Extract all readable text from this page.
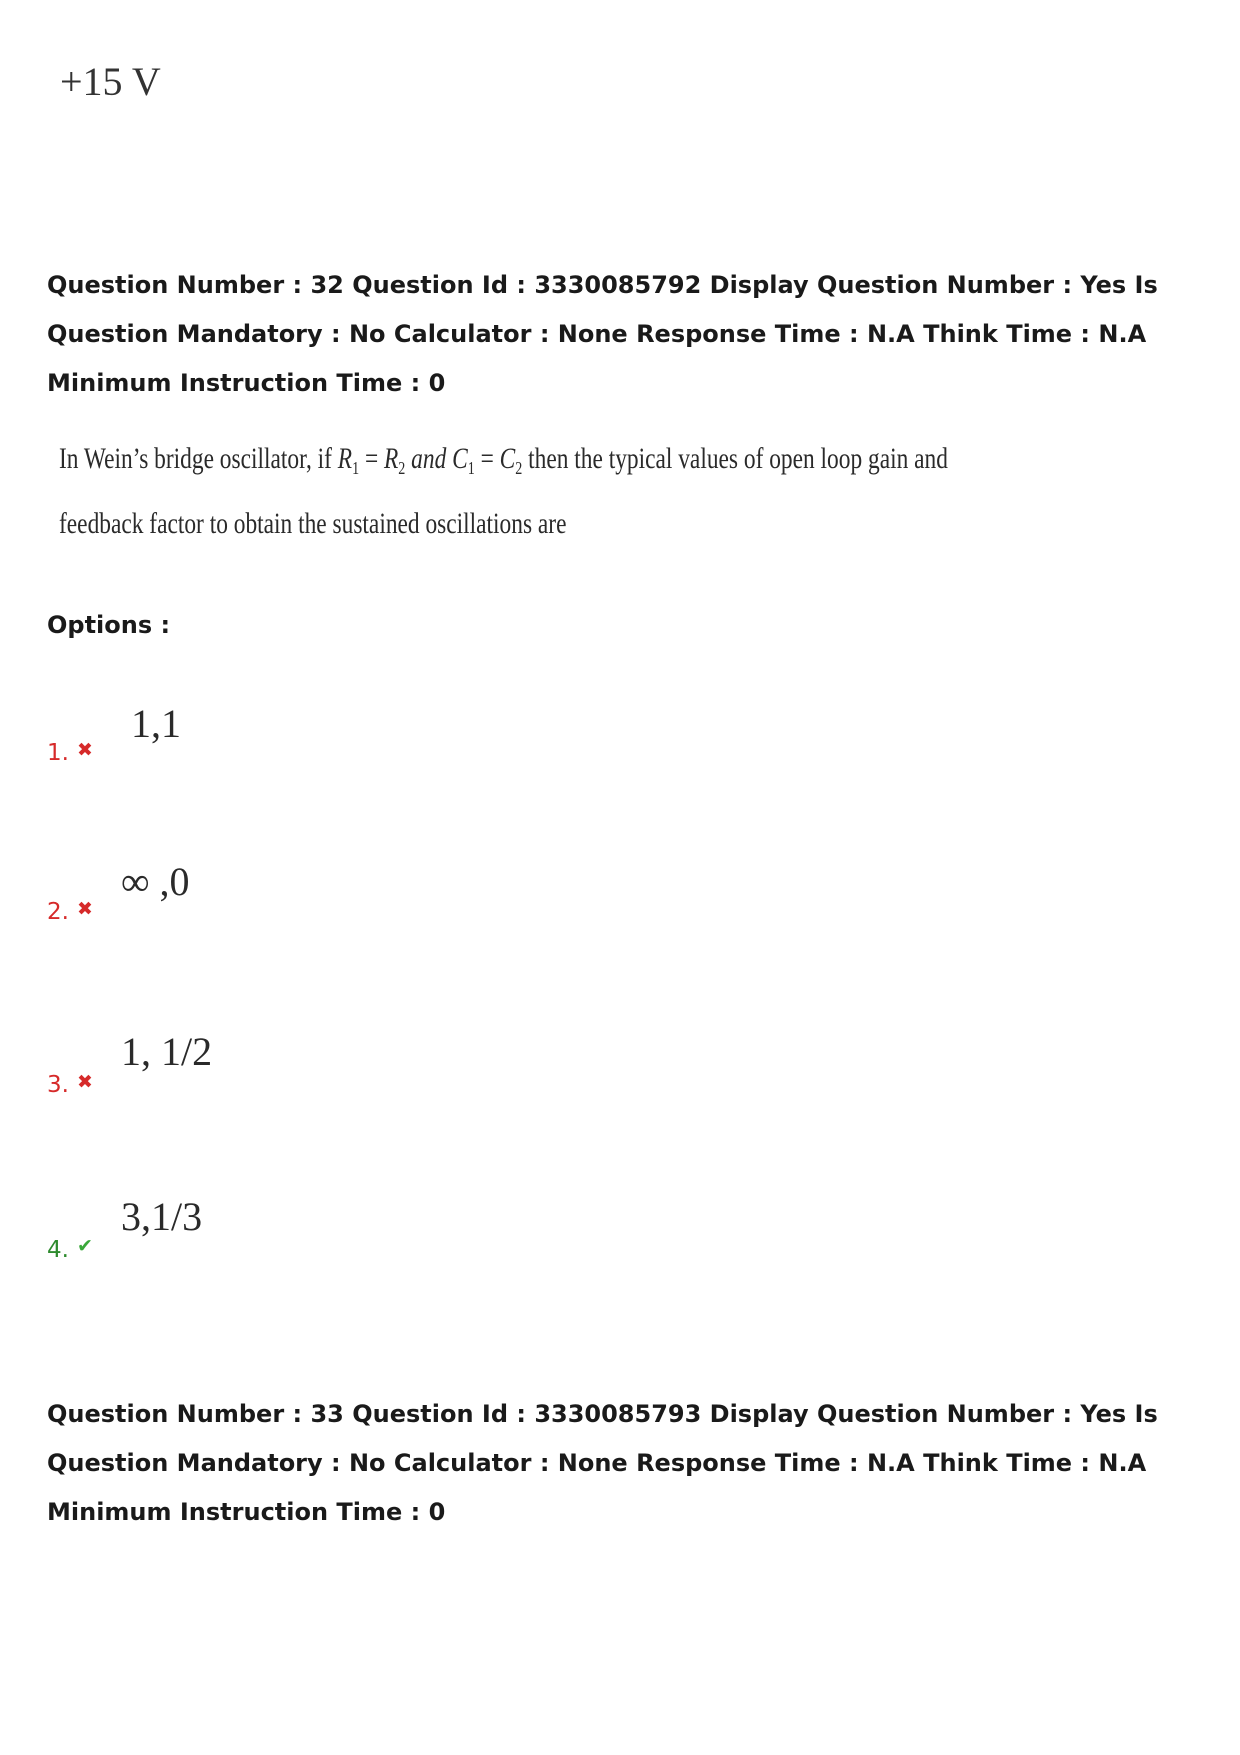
+15 V
Question Number : 32 Question Id : 3330085792 Display Question Number : Yes Is Question Mandatory : No Calculator : None Response Time : N.A Think Time : N.A Minimum Instruction Time : 0
In Wein’s bridge oscillator, if $R_1 = R_2$ and $C_1 = C_2$ then the typical values of open loop gain and
feedback factor to obtain the sustained oscillations are
Options :
1. ✖
1,1
2. ✖
∞ ,0
3. ✖
1, 1/2
4. ✔
3,1/3
Question Number : 33 Question Id : 3330085793 Display Question Number : Yes Is Question Mandatory : No Calculator : None Response Time : N.A Think Time : N.A Minimum Instruction Time : 0
